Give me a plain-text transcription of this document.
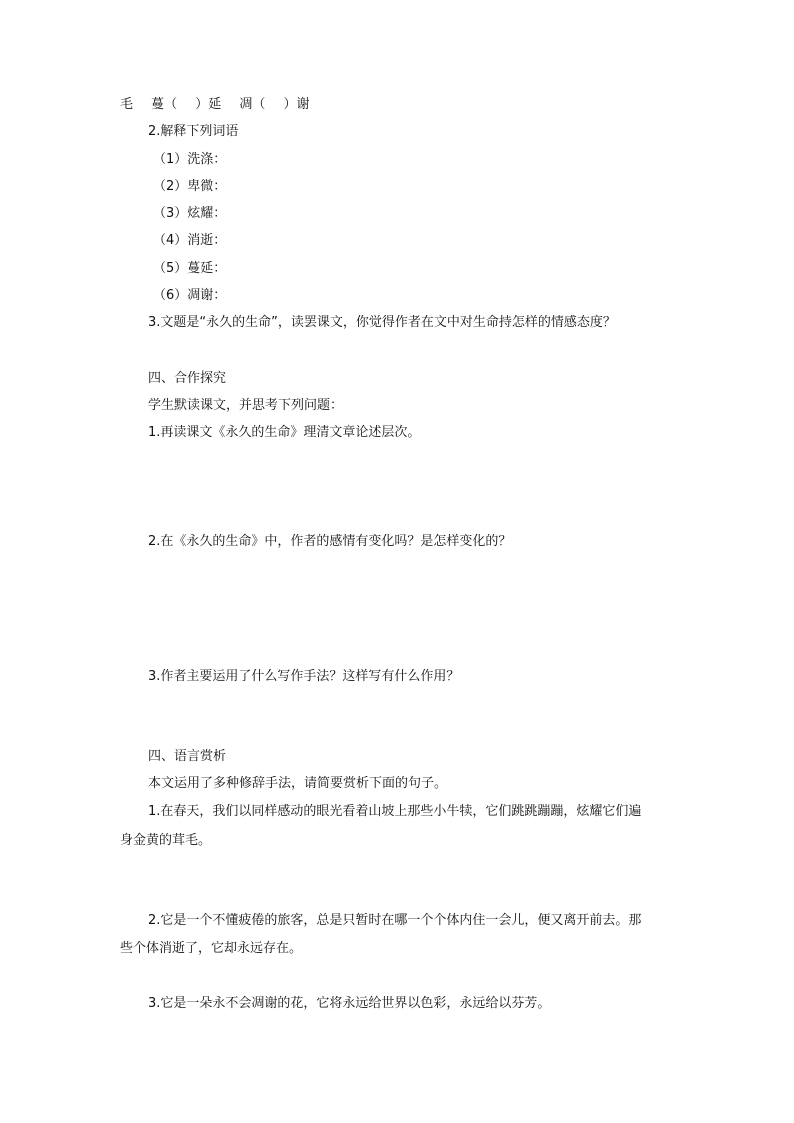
毛 蔓（ ）延 凋（ ）谢
2.解释下列词语
（1）洗涤：
（2）卑微：
（3）炫耀：
（4）消逝：
（5）蔓延：
（6）凋谢：
3.文题是“永久的生命”，读罢课文，你觉得作者在文中对生命持怎样的情感态度？
四、合作探究
学生默读课文，并思考下列问题：
1.再读课文《永久的生命》理清文章论述层次。
2.在《永久的生命》中，作者的感情有变化吗？是怎样变化的？
3.作者主要运用了什么写作手法？这样写有什么作用？
四、语言赏析
本文运用了多种修辞手法，请简要赏析下面的句子。
1.在春天，我们以同样感动的眼光看着山坡上那些小牛犊，它们跳跳蹦蹦，炫耀它们遍
身金黄的茸毛。
2.它是一个不懂疲倦的旅客，总是只暂时在哪一个个体内住一会儿，便又离开前去。那
些个体消逝了，它却永远存在。
3.它是一朵永不会凋谢的花，它将永远给世界以色彩，永远给以芬芳。
